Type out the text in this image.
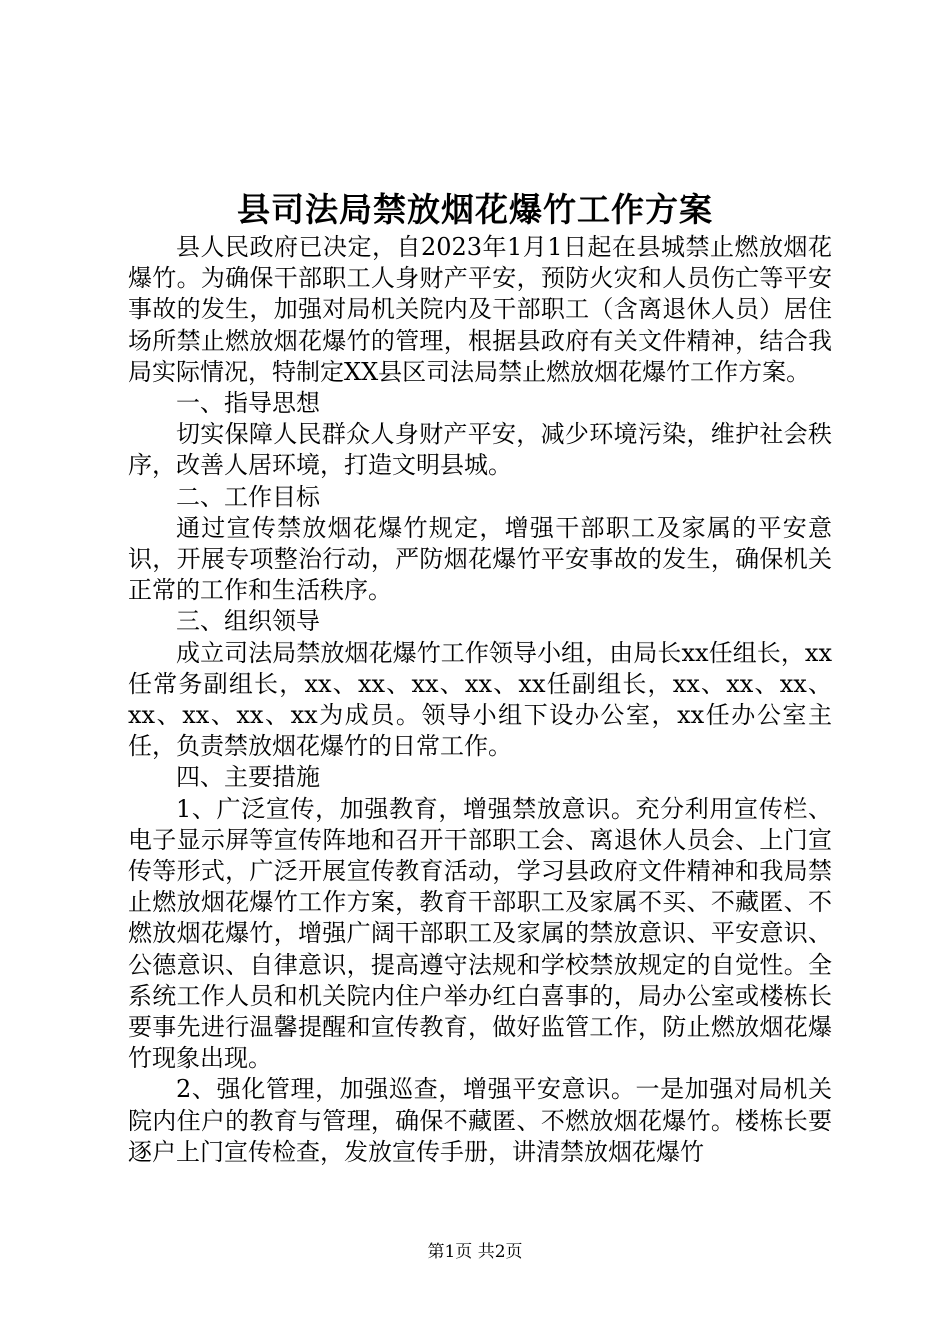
县司法局禁放烟花爆竹工作方案

县人民政府已决定，自2023年1月1日起在县城禁止燃放烟花爆竹。为确保干部职工人身财产平安，预防火灾和人员伤亡等平安事故的发生，加强对局机关院内及干部职工（含离退休人员）居住场所禁止燃放烟花爆竹的管理，根据县政府有关文件精神，结合我局实际情况，特制定XX县区司法局禁止燃放烟花爆竹工作方案。

一、指导思想

切实保障人民群众人身财产平安，减少环境污染，维护社会秩序，改善人居环境，打造文明县城。

二、工作目标

通过宣传禁放烟花爆竹规定，增强干部职工及家属的平安意识，开展专项整治行动，严防烟花爆竹平安事故的发生，确保机关正常的工作和生活秩序。

三、组织领导

成立司法局禁放烟花爆竹工作领导小组，由局长xx任组长，xx任常务副组长，xx、xx、xx、xx、xx任副组长，xx、xx、xx、xx、xx、xx、xx为成员。领导小组下设办公室，xx任办公室主任，负责禁放烟花爆竹的日常工作。

四、主要措施

1、广泛宣传，加强教育，增强禁放意识。充分利用宣传栏、电子显示屏等宣传阵地和召开干部职工会、离退休人员会、上门宣传等形式，广泛开展宣传教育活动，学习县政府文件精神和我局禁止燃放烟花爆竹工作方案，教育干部职工及家属不买、不藏匿、不燃放烟花爆竹，增强广阔干部职工及家属的禁放意识、平安意识、公德意识、自律意识，提高遵守法规和学校禁放规定的自觉性。全系统工作人员和机关院内住户举办红白喜事的，局办公室或楼栋长要事先进行温馨提醒和宣传教育，做好监管工作，防止燃放烟花爆竹现象出现。

2、强化管理，加强巡查，增强平安意识。一是加强对局机关院内住户的教育与管理，确保不藏匿、不燃放烟花爆竹。楼栋长要逐户上门宣传检查，发放宣传手册，讲清禁放烟花爆竹

第1页 共2页
